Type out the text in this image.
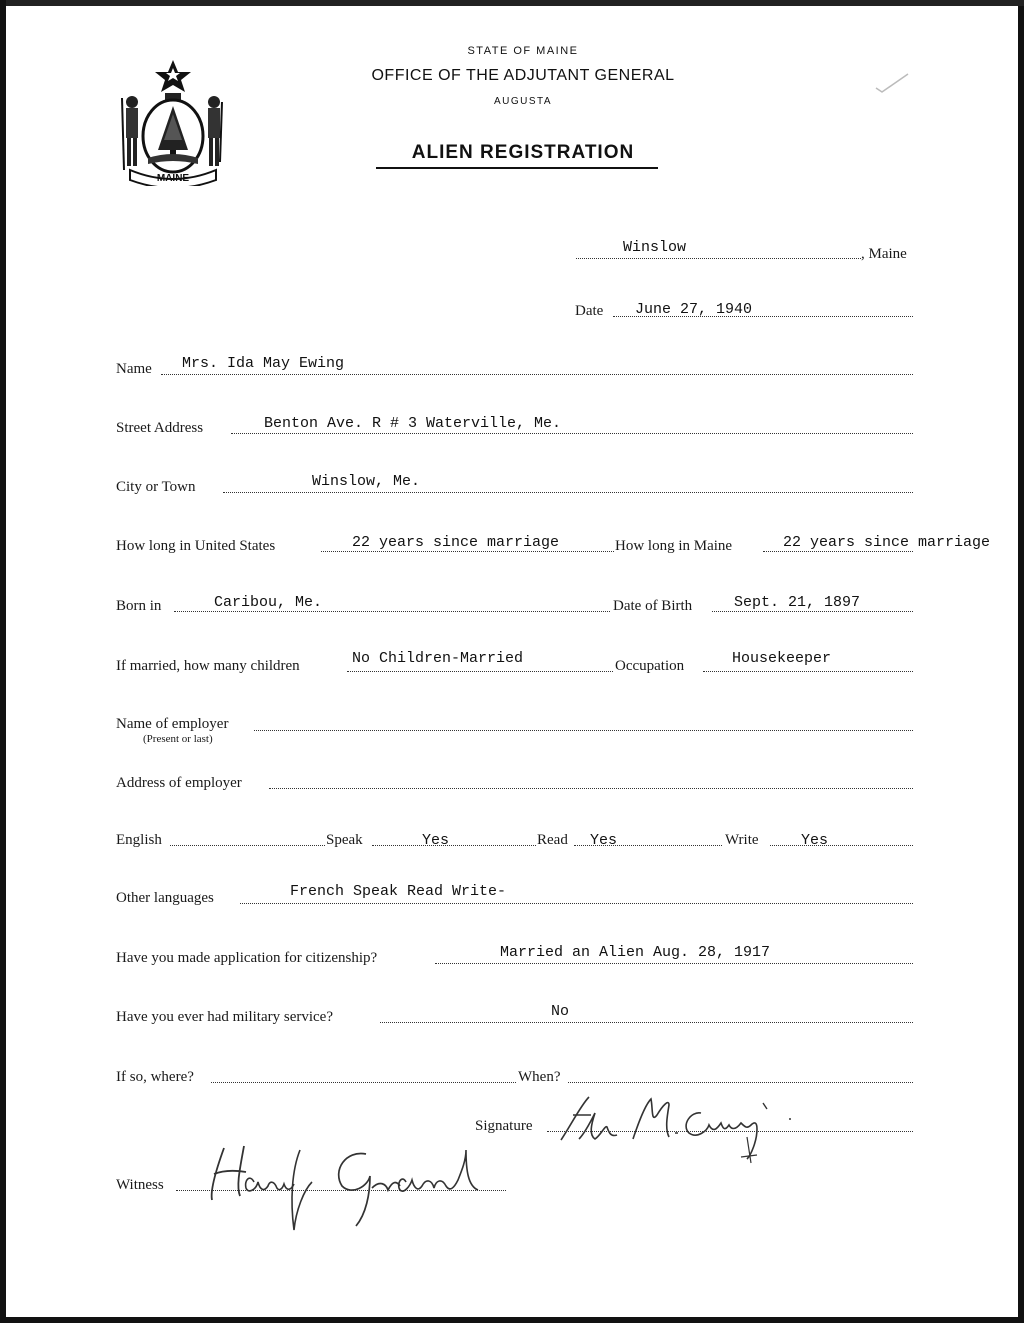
MAINE
STATE OF MAINE
OFFICE OF THE ADJUTANT GENERAL
AUGUSTA
ALIEN REGISTRATION
Winslow	, Maine
Date June 27, 1940
Name Mrs. Ida May Ewing
Street Address	Benton Ave. R # 3 Waterville, Me.
City or Town	Winslow, Me.
How long in United States	22 years since marriage	How long in Maine	22 years since marriage
Born in	Caribou, Me.	Date of Birth	Sept. 21, 1897
If married, how many children	No Children-Married	Occupation	Housekeeper
Name of employer
(Present or last)
Address of employer
English	Speak	Yes	Read Yes	Write	Yes
Other languages	French Speak Read Write-
Have you made application for citizenship?	Married an Alien Aug. 28, 1917
Have you ever had military service?	No
If so, where?	When?
Signature
Witness
